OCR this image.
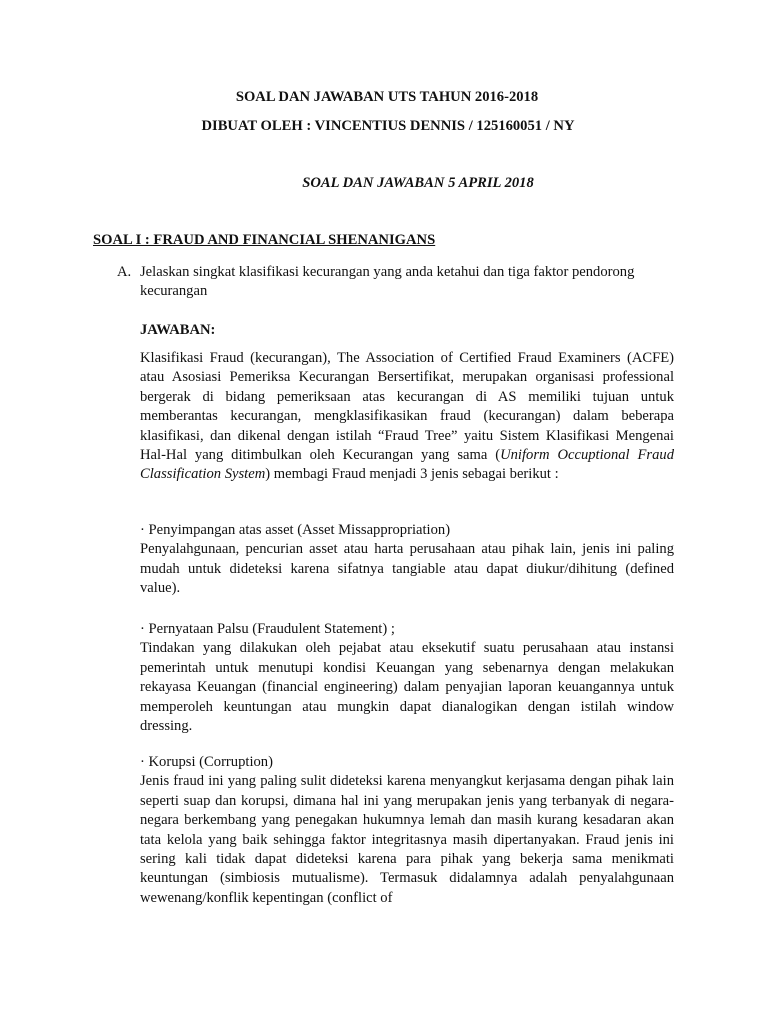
SOAL DAN JAWABAN UTS TAHUN 2016-2018
DIBUAT OLEH : VINCENTIUS DENNIS / 125160051 / NY
SOAL DAN JAWABAN 5 APRIL 2018
SOAL I : FRAUD AND FINANCIAL SHENANIGANS
A. Jelaskan singkat klasifikasi kecurangan yang anda ketahui dan tiga faktor pendorong kecurangan
JAWABAN:

Klasifikasi Fraud (kecurangan), The Association of Certified Fraud Examiners (ACFE) atau Asosiasi Pemeriksa Kecurangan Bersertifikat, merupakan organisasi professional bergerak di bidang pemeriksaan atas kecurangan di AS memiliki tujuan untuk memberantas kecurangan, mengklasifikasikan fraud (kecurangan) dalam beberapa klasifikasi, dan dikenal dengan istilah “Fraud Tree” yaitu Sistem Klasifikasi Mengenai Hal-Hal yang ditimbulkan oleh Kecurangan yang sama (Uniform Occuptional Fraud Classification System) membagi Fraud menjadi 3 jenis sebagai berikut :

· Penyimpangan atas asset (Asset Missappropriation)

Penyalahgunaan, pencurian asset atau harta perusahaan atau pihak lain, jenis ini paling mudah untuk dideteksi karena sifatnya tangiable atau dapat diukur/dihitung (defined value).

· Pernyataan Palsu (Fraudulent Statement) ;

Tindakan yang dilakukan oleh pejabat atau eksekutif suatu perusahaan atau instansi pemerintah untuk menutupi kondisi Keuangan yang sebenarnya dengan melakukan rekayasa Keuangan (financial engineering) dalam penyajian laporan keuangannya untuk memperoleh keuntungan atau mungkin dapat dianalogikan dengan istilah window dressing.

· Korupsi (Corruption)

Jenis fraud ini yang paling sulit dideteksi karena menyangkut kerjasama dengan pihak lain seperti suap dan korupsi, dimana hal ini yang merupakan jenis yang terbanyak di negara-negara berkembang yang penegakan hukumnya lemah dan masih kurang kesadaran akan tata kelola yang baik sehingga faktor integritasnya masih dipertanyakan. Fraud jenis ini sering kali tidak dapat dideteksi karena para pihak yang bekerja sama menikmati keuntungan (simbiosis mutualisme). Termasuk didalamnya adalah penyalahgunaan wewenang/konflik kepentingan (conflict of
